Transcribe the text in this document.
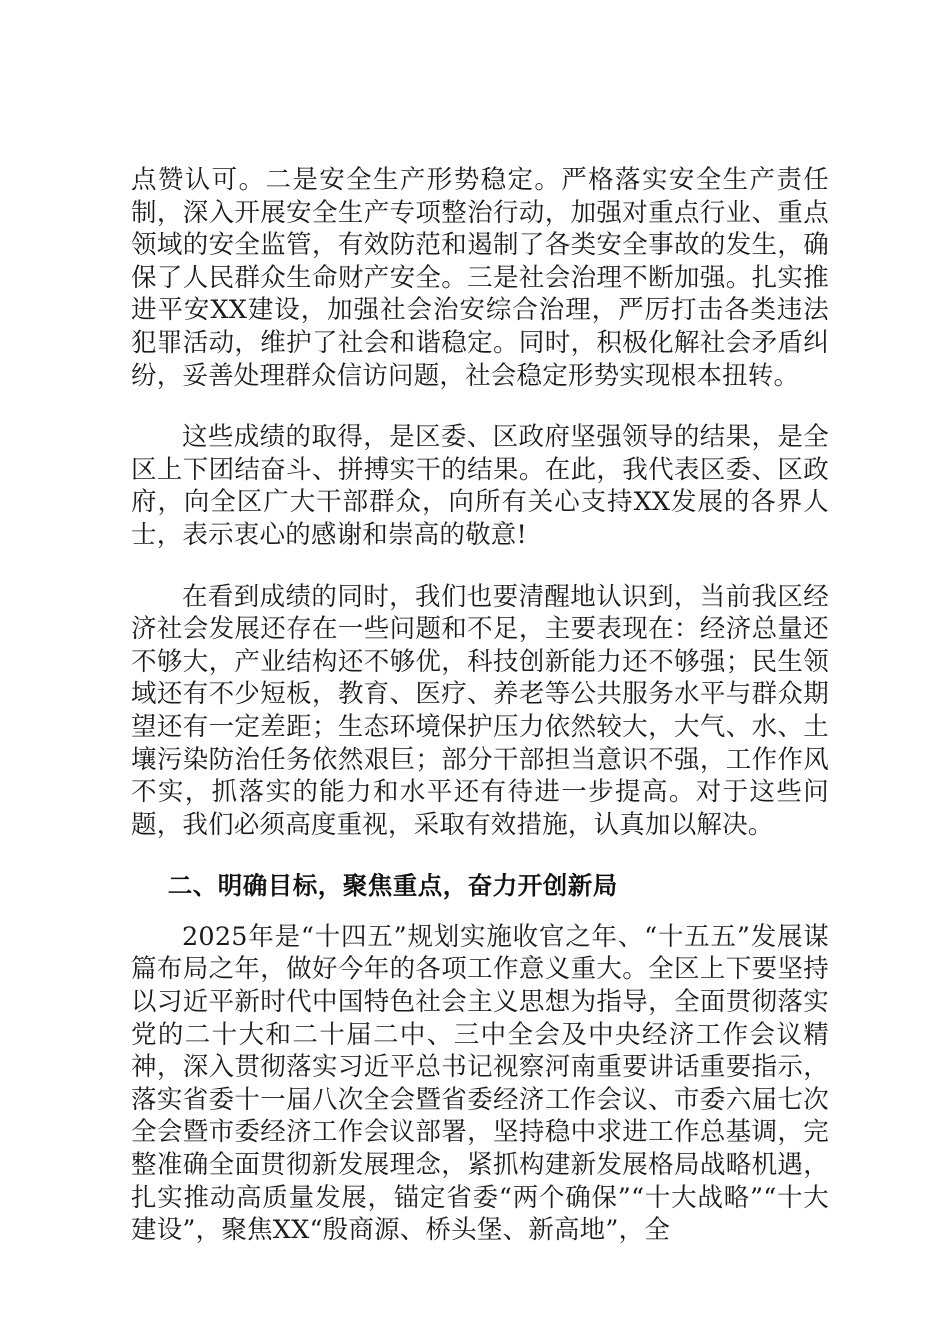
点赞认可。二是安全生产形势稳定。严格落实安全生产责任制，深入开展安全生产专项整治行动，加强对重点行业、重点领域的安全监管，有效防范和遏制了各类安全事故的发生，确保了人民群众生命财产安全。三是社会治理不断加强。扎实推进平安XX建设，加强社会治安综合治理，严厉打击各类违法犯罪活动，维护了社会和谐稳定。同时，积极化解社会矛盾纠纷，妥善处理群众信访问题，社会稳定形势实现根本扭转。

这些成绩的取得，是区委、区政府坚强领导的结果，是全区上下团结奋斗、拼搏实干的结果。在此，我代表区委、区政府，向全区广大干部群众，向所有关心支持XX发展的各界人士，表示衷心的感谢和崇高的敬意!

在看到成绩的同时，我们也要清醒地认识到，当前我区经济社会发展还存在一些问题和不足，主要表现在：经济总量还不够大，产业结构还不够优，科技创新能力还不够强；民生领域还有不少短板，教育、医疗、养老等公共服务水平与群众期望还有一定差距；生态环境保护压力依然较大，大气、水、土壤污染防治任务依然艰巨；部分干部担当意识不强，工作作风不实，抓落实的能力和水平还有待进一步提高。对于这些问题，我们必须高度重视，采取有效措施，认真加以解决。

二、明确目标，聚焦重点，奋力开创新局

2025年是“十四五”规划实施收官之年、“十五五”发展谋篇布局之年，做好今年的各项工作意义重大。全区上下要坚持以习近平新时代中国特色社会主义思想为指导，全面贯彻落实党的二十大和二十届二中、三中全会及中央经济工作会议精神，深入贯彻落实习近平总书记视察河南重要讲话重要指示，落实省委十一届八次全会暨省委经济工作会议、市委六届七次全会暨市委经济工作会议部署，坚持稳中求进工作总基调，完整准确全面贯彻新发展理念，紧抓构建新发展格局战略机遇，扎实推动高质量发展，锚定省委“两个确保”“十大战略”“十大建设”，聚焦XX“殷商源、桥头堡、新高地”，全
